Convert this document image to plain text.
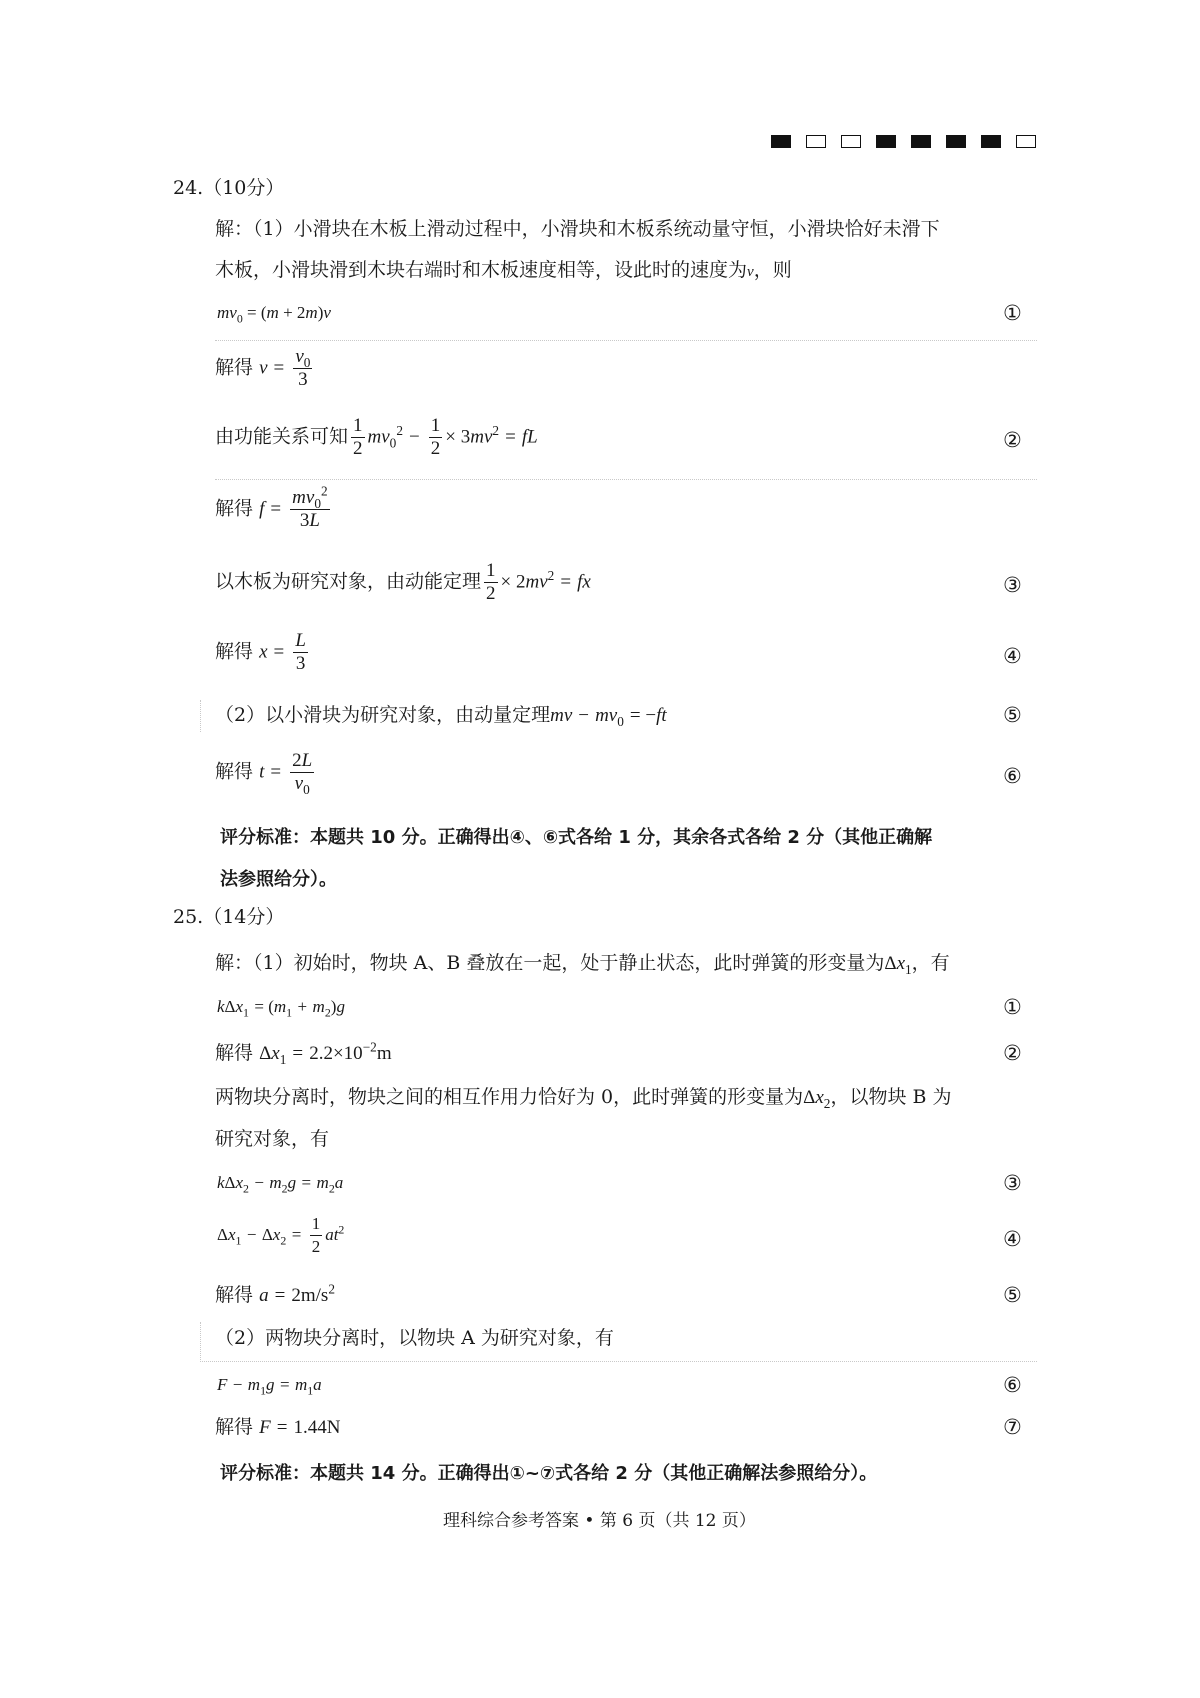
24.（10分）
解：（1）小滑块在木板上滑动过程中，小滑块和木板系统动量守恒，小滑块恰好未滑下
木板，小滑块滑到木块右端时和木板速度相等，设此时的速度为v，则
$mv_0 = (m + 2m)v$	①
解得 $v = \frac{v_0}{3}$
由功能关系可知 $\frac{1}{2} mv_0^2 - \frac{1}{2} \times 3mv^2$ = fL	②
解得 $f = \frac{mv_0^2}{3L}$
以木板为研究对象，由动能定理 $\frac{1}{2} \times 2mv^2$ = fx	③
解得 $x = \frac{L}{3}$	④
（2）以小滑块为研究对象，由动量定理mv − $mv_0 = -ft$	⑤
解得 $t = \frac{2L}{v_0}$	⑥
评分标准：本题共 10 分。正确得出④、⑥式各给 1 分，其余各式各给 2 分（其他正确解
法参照给分）。
25.（14分）
解：（1）初始时，物块 A、B 叠放在一起，处于静止状态，此时弹簧的形变量为$\Delta x_1$，有
$k\Delta x_1 = (m_1 + m_2)g$	①
解得 $\Delta x_1 = 2.2\times 10^{-2}m$	②
两物块分离时，物块之间的相互作用力恰好为 0，此时弹簧的形变量为$\Delta x_2$，以物块 B 为
研究对象，有
$k\Delta x_2 - m_2g = m_2a$	③
$\Delta x_1 - \Delta x_2 = \frac{1}{2} at^2$	④
解得 $a = 2m/s^2$	⑤
（2）两物块分离时，以物块 A 为研究对象，有
$F - m_1g = m_1a$	⑥
解得 F = 1.44N	⑦
评分标准：本题共 14 分。正确得出①~⑦式各给 2 分（其他正确解法参照给分）。
理科综合参考答案 • 第 6 页（共 12 页）
